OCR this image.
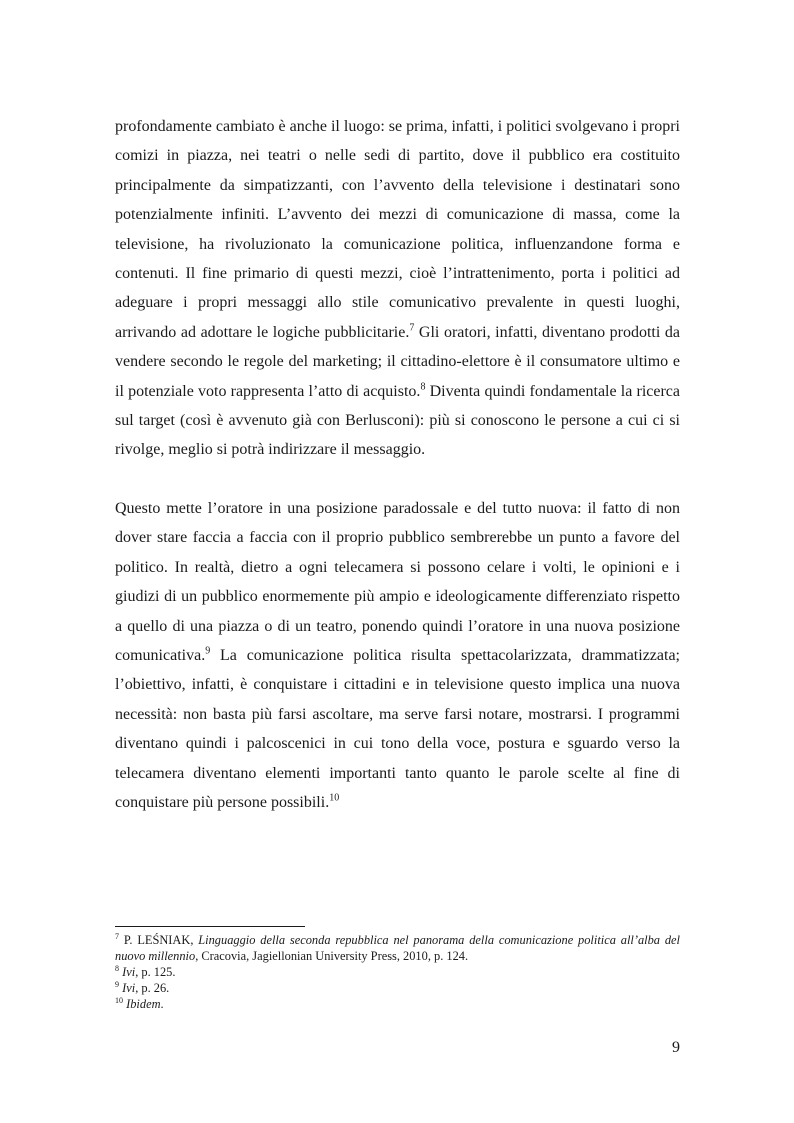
profondamente cambiato è anche il luogo: se prima, infatti, i politici svolgevano i propri comizi in piazza, nei teatri o nelle sedi di partito, dove il pubblico era costituito principalmente da simpatizzanti, con l’avvento della televisione i destinatari sono potenzialmente infiniti. L’avvento dei mezzi di comunicazione di massa, come la televisione, ha rivoluzionato la comunicazione politica, influenzandone forma e contenuti. Il fine primario di questi mezzi, cioè l’intrattenimento, porta i politici ad adeguare i propri messaggi allo stile comunicativo prevalente in questi luoghi, arrivando ad adottare le logiche pubblicitarie.$^7$ Gli oratori, infatti, diventano prodotti da vendere secondo le regole del marketing; il cittadino-elettore è il consumatore ultimo e il potenziale voto rappresenta l’atto di acquisto.$^8$ Diventa quindi fondamentale la ricerca sul target (così è avvenuto già con Berlusconi): più si conoscono le persone a cui ci si rivolge, meglio si potrà indirizzare il messaggio.

Questo mette l’oratore in una posizione paradossale e del tutto nuova: il fatto di non dover stare faccia a faccia con il proprio pubblico sembrerebbe un punto a favore del politico. In realtà, dietro a ogni telecamera si possono celare i volti, le opinioni e i giudizi di un pubblico enormemente più ampio e ideologicamente differenziato rispetto a quello di una piazza o di un teatro, ponendo quindi l’oratore in una nuova posizione comunicativa.$^9$ La comunicazione politica risulta spettacolarizzata, drammatizzata; l’obiettivo, infatti, è conquistare i cittadini e in televisione questo implica una nuova necessità: non basta più farsi ascoltare, ma serve farsi notare, mostrarsi. I programmi diventano quindi i palcoscenici in cui tono della voce, postura e sguardo verso la telecamera diventano elementi importanti tanto quanto le parole scelte al fine di conquistare più persone possibili.$^{10}$

$^7$ P. LEŚNIAK, Linguaggio della seconda repubblica nel panorama della comunicazione politica all’alba del nuovo millennio, Cracovia, Jagiellonian University Press, 2010, p. 124.

$^8$ Ivi, p. 125.

$^9$ Ivi, p. 26.

$^{10}$ Ibidem.

9
